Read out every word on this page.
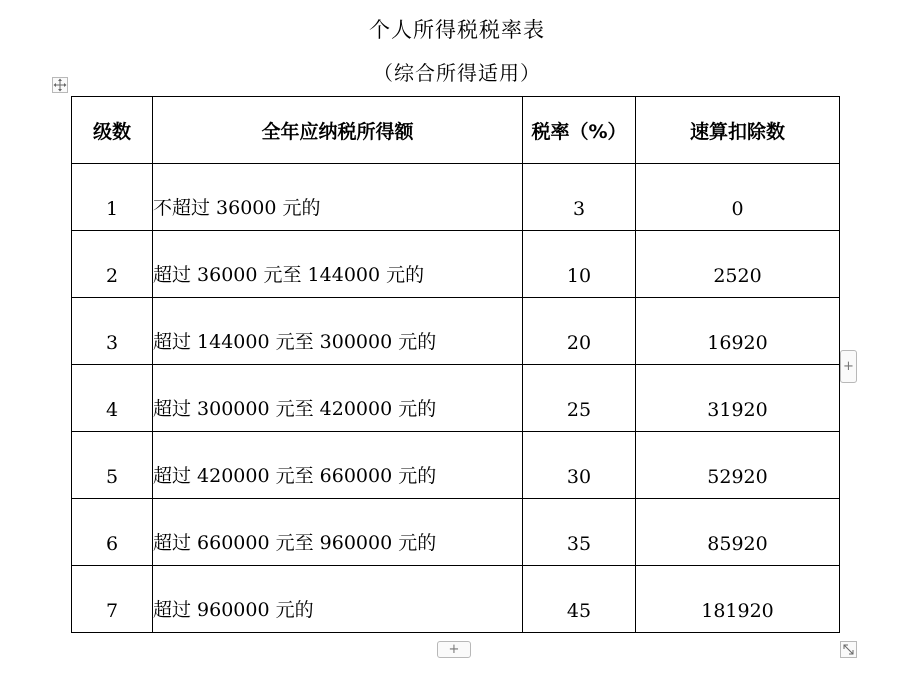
个人所得税税率表
（综合所得适用）
级数	全年应纳税所得额	税率（%）	速算扣除数
1	不超过 36000 元的	3	0
2	超过 36000 元至 144000 元的	10	2520
3	超过 144000 元至 300000 元的	20	16920
4	超过 300000 元至 420000 元的	25	31920
5	超过 420000 元至 660000 元的	30	52920
6	超过 660000 元至 960000 元的	35	85920
7	超过 960000 元的	45	181920
+
+
